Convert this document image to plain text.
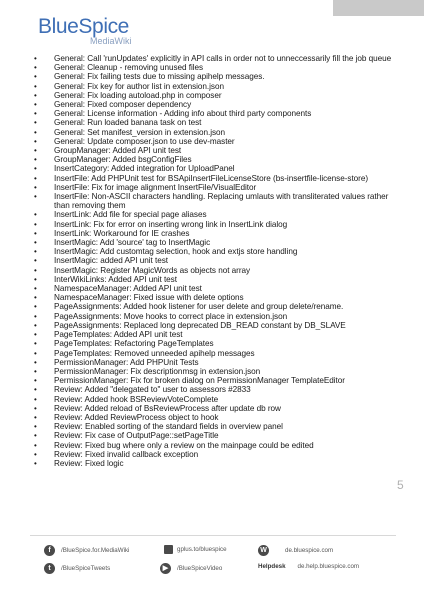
BlueSpice
MediaWiki
• General: Call 'runUpdates' explicitly in API calls in order not to unneccessarily fill the job queue
• General: Cleanup - removing unused files
• General: Fix failing tests due to missing apihelp messages.
• General: Fix key for author list in extension.json
• General: Fix loading autoload.php in composer
• General: Fixed composer dependency
• General: License information - Adding info about third party components
• General: Run loaded banana task on test
• General: Set manifest_version in extension.json
• General: Update composer.json to use dev-master
• GroupManager: Added API unit test
• GroupManager: Added bsgConfigFiles
• InsertCategory: Added integration for UploadPanel
• InsertFile: Add PHPUnit test for BSApiInsertFileLicenseStore (bs-insertfile-license-store)
• InsertFile: Fix for image alignment InsertFile/VisualEditor
• InsertFile: Non-ASCII characters handling. Replacing umlauts with transliterated values rather than removing them
• InsertLink: Add file for special page aliases
• InsertLink: Fix for error on inserting wrong link in InsertLink dialog
• InsertLink: Workaround for IE crashes
• InsertMagic: Add 'source' tag to InsertMagic
• InsertMagic: Add customtag selection, hook and extjs store handling
• InsertMagic: added API unit test
• InsertMagic: Register MagicWords as objects not array
• InterWikiLinks: Added API unit test
• NamespaceManager: Added API unit test
• NamespaceManager: Fixed issue with delete options
• PageAssignments: Added hook listener for user delete and group delete/rename.
• PageAssignments: Move hooks to correct place in extension.json
• PageAssignments: Replaced long deprecated DB_READ constant by DB_SLAVE
• PageTemplates: Added API unit test
• PageTemplates: Refactoring PageTemplates
• PageTemplates: Removed unneeded apihelp messages
• PermissionManager: Add PHPUnit Tests
• PermissionManager: Fix descriptionmsg in extension.json
• PermissionManager: Fix for broken dialog on PermissionManager TemplateEditor
• Review: Added "delegated to" user to assessors #2833
• Review: Added hook BSReviewVoteComplete
• Review: Added reload of BsReviewProcess after update db row
• Review: Added ReviewProcess object to hook
• Review: Enabled sorting of the standard fields in overview panel
• Review: Fix case of OutputPage::setPageTitle
• Review: Fixed bug where only a review on the mainpage could be edited
• Review: Fixed invalid callback exception
• Review: Fixed logic
5
f	/BlueSpice.for.MediaWiki	gplus.to/bluespice	W	de.bluespice.com
t	/BlueSpiceTweets	▶	/BlueSpiceVideo	Helpdesk de.help.bluespice.com
